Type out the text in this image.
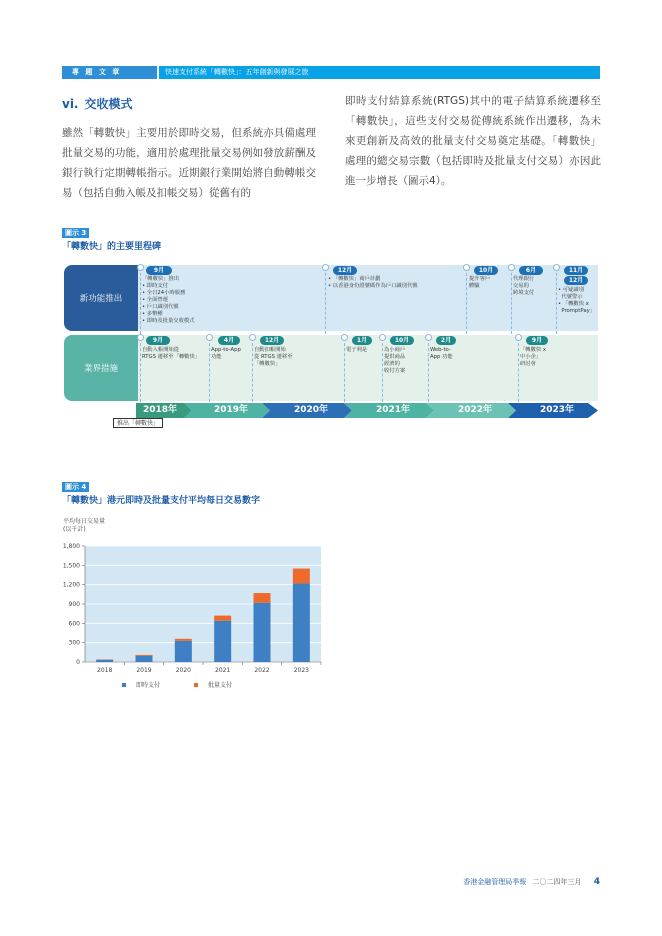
專 題 文 章	快速支付系統「轉數快」：五年創新與發展之旅
vi. 交收模式
雖然「轉數快」主要用於即時交易，但系統亦具備處理批量交易的功能，適用於處理批量交易例如發放薪酬及銀行執行定期轉帳指示。近期銀行業開始將自動轉帳交易（包括自動入帳及扣帳交易）從舊有的
即時支付結算系統(RTGS)其中的電子結算系統遷移至「轉數快」，這些支付交易從傳統系統作出遷移，為未來更創新及高效的批量支付交易奠定基礎。「轉數快」處理的總交易宗數（包括即時及批量支付交易）亦因此進一步增長（圖示4）。
圖示 3
「轉數快」的主要里程碑
新功能推出
業界措施
9月
「轉數快」推出
• 即時支付
• 全日24小時服務
• 全面營運
• 戶口識別代號
• 多幣種
• 即時及批量交收模式
12月
• 「轉數快」商戶計劃
• 以香港身份證號碼作為戶口識別代號
10月
提升客戶
體驗
6月
代理銀行
交易的
跨境支付
11月
12月
• 可疑識別
代號警示
• 「轉數快 x
PromptPay」
9月
自動入帳開始從
RTGS 遷移至「轉數快」
4月
App-to-App
功能
12月
自動扣帳開始
從 RTGS 遷移至
「轉數快」
1月
電子利是
10月
為小商戶
提供商品
經濟的
收付方案
2月
Web-to-
App 功能
9月
「轉數快 x
中小企」
研討會
2018年	2019年	2020年	2021年	2022年	2023年
推出「轉數快」
圖示 4
「轉數快」港元即時及批量支付平均每日交易數字
平均每日交易量
(以千計)
0
300
600
900
1,200
1,500
1,800
2018	2019	2020	2021	2022	2023
即時支付	批量支付
香港金融管理局季報 二〇二四年三月 4
